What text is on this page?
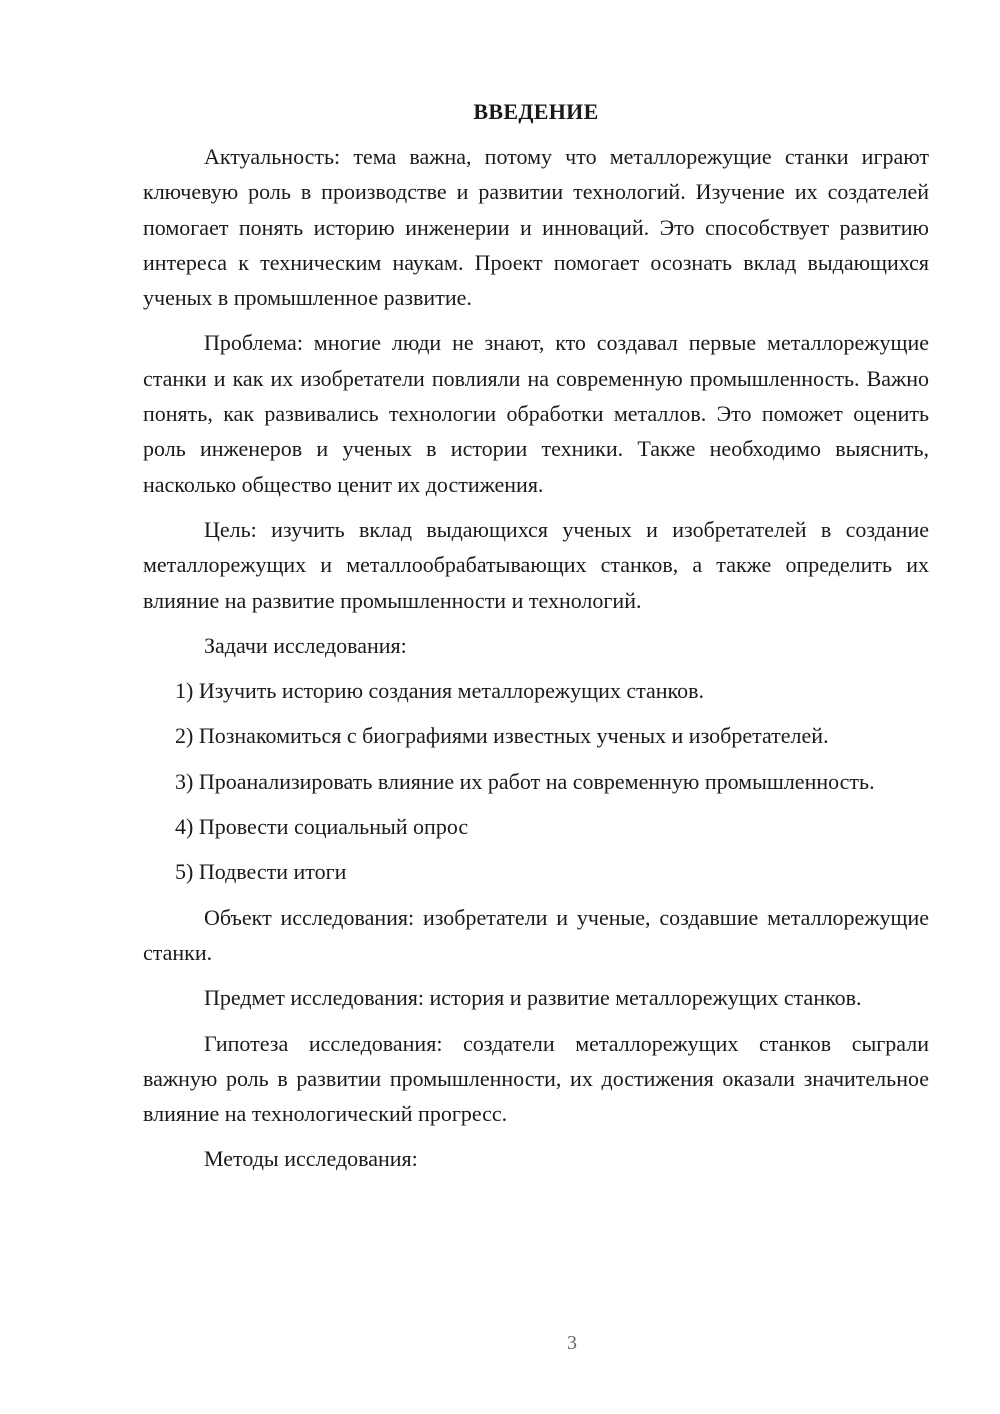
ВВЕДЕНИЕ

Актуальность: тема важна, потому что металлорежущие станки играют ключевую роль в производстве и развитии технологий. Изучение их создателей помогает понять историю инженерии и инноваций. Это способствует развитию интереса к техническим наукам. Проект помогает осознать вклад выдающихся ученых в промышленное развитие.

Проблема: многие люди не знают, кто создавал первые металлорежущие станки и как их изобретатели повлияли на современную промышленность. Важно понять, как развивались технологии обработки металлов. Это поможет оценить роль инженеров и ученых в истории техники. Также необходимо выяснить, насколько общество ценит их достижения.

Цель: изучить вклад выдающихся ученых и изобретателей в создание металлорежущих и металлообрабатывающих станков, а также определить их влияние на развитие промышленности и технологий.

Задачи исследования:

1) Изучить историю создания металлорежущих станков.

2) Познакомиться с биографиями известных ученых и изобретателей.

3) Проанализировать влияние их работ на современную промышленность.

4) Провести социальный опрос

5) Подвести итоги

Объект исследования: изобретатели и ученые, создавшие металлорежущие станки.

Предмет исследования: история и развитие металлорежущих станков.

Гипотеза исследования: создатели металлорежущих станков сыграли важную роль в развитии промышленности, их достижения оказали значительное влияние на технологический прогресс.

Методы исследования:

3
